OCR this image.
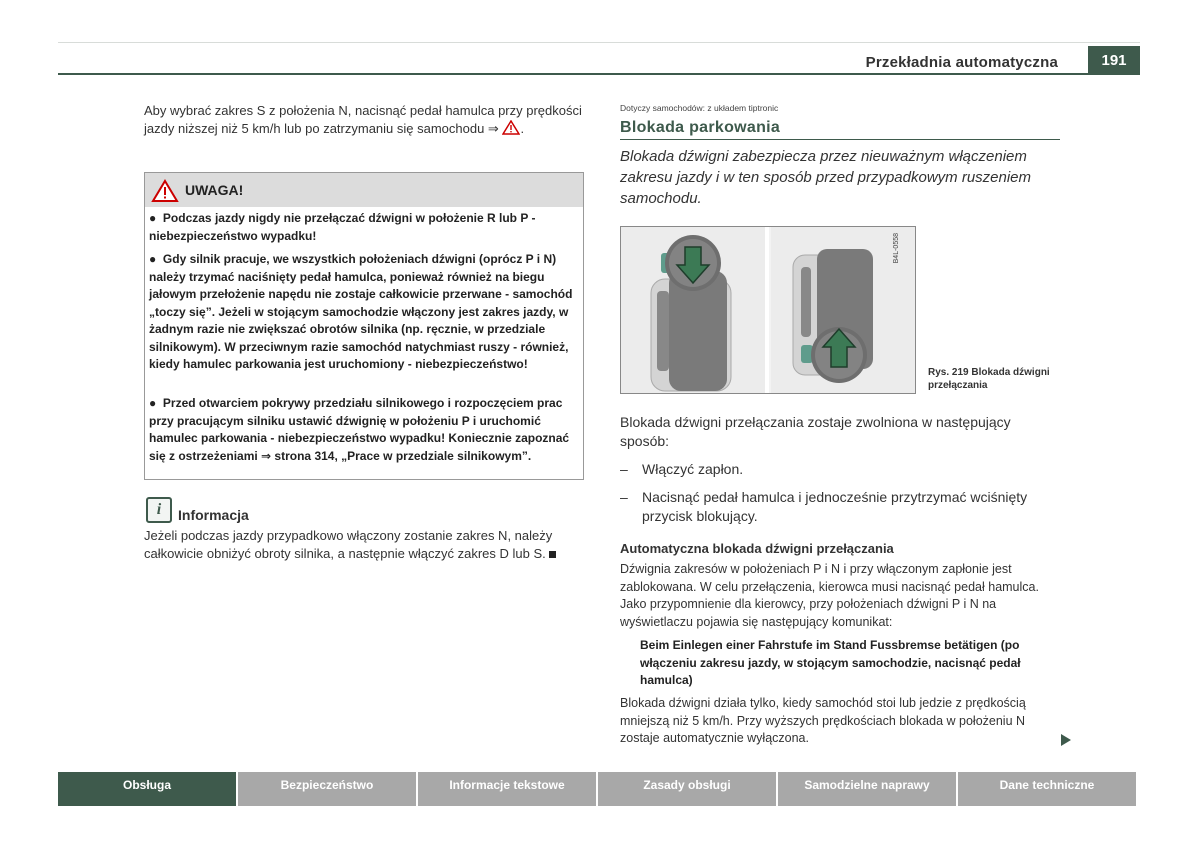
Przekładnia automatyczna	191
Aby wybrać zakres S z położenia N, nacisnąć pedał hamulca przy prędkości jazdy niższej niż 5 km/h lub po zatrzymaniu się samochodu ⇒ .
UWAGA!
●  Podczas jazdy nigdy nie przełączać dźwigni w położenie R lub P - niebezpieczeństwo wypadku!
●  Gdy silnik pracuje, we wszystkich położeniach dźwigni (oprócz P i N) należy trzymać naciśnięty pedał hamulca, ponieważ również na biegu jałowym przełożenie napędu nie zostaje całkowicie przerwane - samochód „toczy się”. Jeżeli w stojącym samochodzie włączony jest zakres jazdy, w żadnym razie nie zwiększać obrotów silnika (np. ręcznie, w przedziale silnikowym). W przeciwnym razie samochód natychmiast ruszy - również, kiedy hamulec parkowania jest uruchomiony - niebezpieczeństwo!
●  Przed otwarciem pokrywy przedziału silnikowego i rozpoczęciem prac przy pracującym silniku ustawić dźwignię w położeniu P i uruchomić hamulec parkowania - niebezpieczeństwo wypadku! Koniecznie zapoznać się z ostrzeżeniami ⇒ strona 314, „Prace w przedziale silnikowym”.
i	Informacja
Jeżeli podczas jazdy przypadkowo włączony zostanie zakres N, należy całkowicie obniżyć obroty silnika, a następnie włączyć zakres D lub S.
Dotyczy samochodów: z układem tiptronic
Blokada parkowania
Blokada dźwigni zabezpiecza przez nieuważnym włączeniem zakresu jazdy i w ten sposób przed przypadkowym ruszeniem samochodu.
B4L-0558
Rys. 219 Blokada dźwigni przełączania
Blokada dźwigni przełączania zostaje zwolniona w następujący sposób:
– Włączyć zapłon.
–	Nacisnąć pedał hamulca i jednocześnie przytrzymać wciśnięty przycisk blokujący.
Automatyczna blokada dźwigni przełączania
Dźwignia zakresów w położeniach P i N i przy włączonym zapłonie jest zablokowana. W celu przełączenia, kierowca musi nacisnąć pedał hamulca. Jako przypomnienie dla kierowcy, przy położeniach dźwigni P i N na wyświetlaczu pojawia się następujący komunikat:
Beim Einlegen einer Fahrstufe im Stand Fussbremse betätigen (po włączeniu zakresu jazdy, w stojącym samochodzie, nacisnąć pedał hamulca)
Blokada dźwigni działa tylko, kiedy samochód stoi lub jedzie z prędkością mniejszą niż 5 km/h. Przy wyższych prędkościach blokada w położeniu N zostaje automatycznie wyłączona.
Obsługa	Bezpieczeństwo	Informacje tekstowe	Zasady obsługi	Samodzielne naprawy	Dane techniczne
